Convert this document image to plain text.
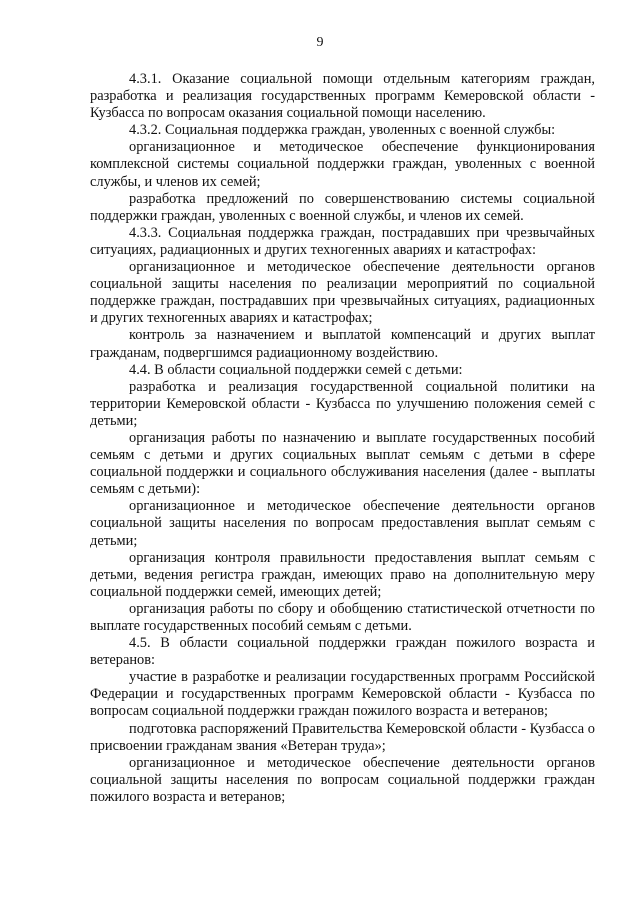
9

4.3.1. Оказание социальной помощи отдельным категориям граждан, разработка и реализация государственных программ Кемеровской области - Кузбасса по вопросам оказания социальной помощи населению.

4.3.2. Социальная поддержка граждан, уволенных с военной службы:

организационное и методическое обеспечение функционирования комплексной системы социальной поддержки граждан, уволенных с военной службы, и членов их семей;

разработка предложений по совершенствованию системы социальной поддержки граждан, уволенных с военной службы, и членов их семей.

4.3.3. Социальная поддержка граждан, пострадавших при чрезвычайных ситуациях, радиационных и других техногенных авариях и катастрофах:

организационное и методическое обеспечение деятельности органов социальной защиты населения по реализации мероприятий по социальной поддержке граждан, пострадавших при чрезвычайных ситуациях, радиационных и других техногенных авариях и катастрофах;

контроль за назначением и выплатой компенсаций и других выплат гражданам, подвергшимся радиационному воздействию.

4.4. В области социальной поддержки семей с детьми:

разработка и реализация государственной социальной политики на территории Кемеровской области - Кузбасса по улучшению положения семей с детьми;

организация работы по назначению и выплате государственных пособий семьям с детьми и других социальных выплат семьям с детьми в сфере социальной поддержки и социального обслуживания населения (далее - выплаты семьям с детьми):

организационное и методическое обеспечение деятельности органов социальной защиты населения по вопросам предоставления выплат семьям с детьми;

организация контроля правильности предоставления выплат семьям с детьми, ведения регистра граждан, имеющих право на дополнительную меру социальной поддержки семей, имеющих детей;

организация работы по сбору и обобщению статистической отчетности по выплате государственных пособий семьям с детьми.

4.5. В области социальной поддержки граждан пожилого возраста и ветеранов:

участие в разработке и реализации государственных программ Российской Федерации и государственных программ Кемеровской области - Кузбасса по вопросам социальной поддержки граждан пожилого возраста и ветеранов;

подготовка распоряжений Правительства Кемеровской области - Кузбасса о присвоении гражданам звания «Ветеран труда»;

организационное и методическое обеспечение деятельности органов социальной защиты населения по вопросам социальной поддержки граждан пожилого возраста и ветеранов;
